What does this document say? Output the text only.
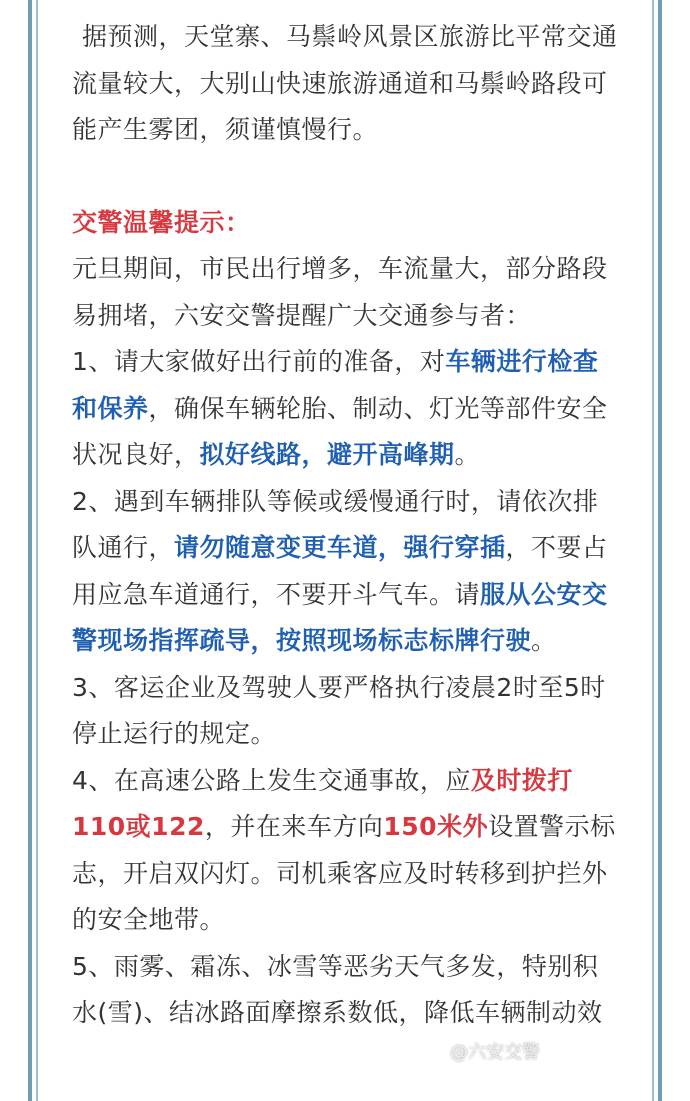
据预测，天堂寨、马鬃岭风景区旅游比平常交通流量较大，大别山快速旅游通道和马鬃岭路段可能产生雾团，须谨慎慢行。

交警温馨提示：

元旦期间，市民出行增多，车流量大，部分路段易拥堵，六安交警提醒广大交通参与者：

1、请大家做好出行前的准备，对车辆进行检查和保养，确保车辆轮胎、制动、灯光等部件安全状况良好，拟好线路，避开高峰期。

2、遇到车辆排队等候或缓慢通行时，请依次排队通行，请勿随意变更车道，强行穿插，不要占用应急车道通行，不要开斗气车。请服从公安交警现场指挥疏导，按照现场标志标牌行驶。

3、客运企业及驾驶人要严格执行凌晨2时至5时停止运行的规定。

4、在高速公路上发生交通事故，应及时拨打110或122，并在来车方向150米外设置警示标志，开启双闪灯。司机乘客应及时转移到护拦外的安全地带。

5、雨雾、霜冻、冰雪等恶劣天气多发，特别积水(雪)、结冰路面摩擦系数低，降低车辆制动效

@六安交警
